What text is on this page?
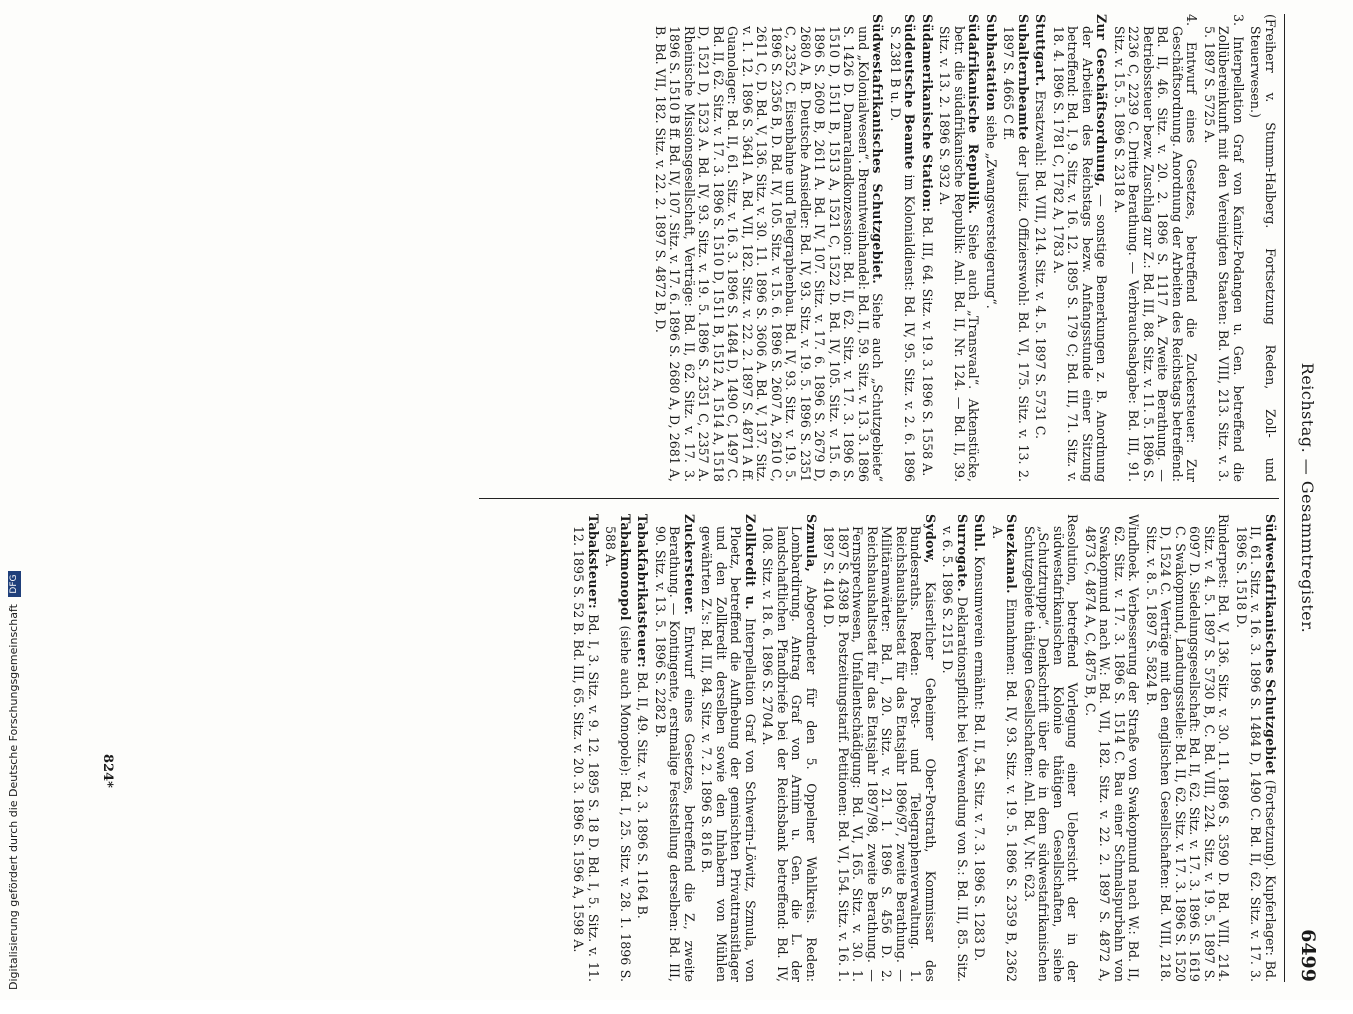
Reichstag. — Gesammtregister.
6499

(Freiherr v. Stumm-Halberg. Fortsetzung Reden, Zoll- und Steuerwesen.)

3. Interpellation Graf von Kanitz-Podangen u. Gen. betreffend die Zollübereinkunft mit den Vereinigten Staaten: Bd. VIII, 213. Sitz. v. 3. 5. 1897 S. 5725 A.

4. Entwurf eines Gesetzes, betreffend die Zuckersteuer: Zur Geschäftsordnung. Anordnung der Arbeiten des Reichstags betreffend: Bd. II, 46. Sitz. v. 20. 2. 1896 S. 1117 A. Zweite Berathung. — Betriebssteuer bezw. Zuschlag zur Z.: Bd. III, 88. Sitz. v. 11. 5. 1896 S. 2236 C, 2239 C. Dritte Berathung. — Verbrauchsabgabe: Bd. III, 91. Sitz. v. 15. 5. 1896 S. 2318 A.

Zur Geschäftsordnung, — sonstige Bemerkungen z. B. Anordnung der Arbeiten des Reichstags bezw. Anfangsstunde einer Sitzung betreffend: Bd. I, 9. Sitz. v. 16. 12. 1895 S. 179 C; Bd. III, 71. Sitz. v. 18. 4. 1896 S. 1781 C, 1782 A, 1783 A.

Stuttgart. Ersatzwahl: Bd. VIII, 214. Sitz. v. 4. 5. 1897 S. 5731 C.

Subalternbeamte der Justiz. Offizierswohl: Bd. VI, 175. Sitz. v. 13. 2. 1897 S. 4665 C ff.

Subhastation siehe „Zwangsversteigerung“.

Südafrikanische Republik. Siehe auch „Transvaal“. Aktenstücke, betr. die südafrikanische Republik: Anl. Bd. II, Nr. 124. — Bd. II, 39. Sitz. v. 13. 2. 1896 S. 932 A.

Südamerikanische Station: Bd. III, 64. Sitz. v. 19. 3. 1896 S. 1558 A.

Süddeutsche Beamte im Kolonialdienst: Bd. IV, 95. Sitz. v. 2. 6. 1896 S. 2381 B u. D.

Südwestafrikanisches Schutzgebiet. Siehe auch „Schutzgebiete“ und „Kolonialwesen“. Brenntweinhandel: Bd. II, 59. Sitz. v. 13. 3. 1896 S. 1426 D. Damaralandkonzession: Bd. II, 62. Sitz. v. 17. 3. 1896 S. 1510 D, 1511 B, 1513 A, 1521 C, 1522 D. Bd. IV, 105. Sitz. v. 15. 6. 1896 S. 2609 B, 2611 A. Bd. IV, 107. Sitz. v. 17. 6. 1896 S. 2679 D, 2680 A, B. Deutsche Ansiedler: Bd. IV, 93. Sitz. v. 19. 5. 1896 S. 2351 C, 2352 C. Eisenbahne und Telegraphenbau. Bd. IV, 93. Sitz. v. 19. 5. 1896 S. 2356 B, D. Bd. IV, 105. Sitz. v. 15. 6. 1896 S. 2607 A, 2610 C, 2611 C, D. Bd. V, 136. Sitz. v. 30. 11. 1896 S. 3606 A. Bd. V, 137. Sitz. v. 1. 12. 1896 S. 3641 A. Bd. VII, 182. Sitz. v. 22. 2. 1897 S. 4871 A ff. Guanolager: Bd. II, 61. Sitz. v. 16. 3. 1896 S. 1484 D, 1490 C, 1497 C. Bd. II, 62. Sitz. v. 17. 3. 1896 S. 1510 D, 1511 B, 1512 A, 1514 A, 1518 D, 1521 D, 1523 A. Bd. IV, 93. Sitz. v. 19. 5. 1896 S. 2351 C, 2357 A. Rheinische Missionsgesellschaft, Verträge: Bd. II, 62. Sitz. v. 17. 3. 1896 S. 1510 B ff. Bd. IV, 107. Sitz. v. 17. 6. 1896 S. 2680 A, D, 2681 A, B. Bd. VII, 182. Sitz. v. 22. 2. 1897 S. 4872 B, D.

Südwestafrikanisches Schutzgebiet (Fortsetzung). Kupferlager: Bd. II, 61. Sitz. v. 16. 3. 1896 S. 1484 D, 1490 C. Bd. II, 62. Sitz. v. 17. 3. 1896 S. 1518 D.

Rinderpest: Bd. V, 136. Sitz. v. 30. 11. 1896 S. 3590 D. Bd. VIII, 214. Sitz. v. 4. 5. 1897 S. 5730 B, C. Bd. VIII, 224. Sitz. v. 19. 5. 1897 S. 6097 D. Siedelungsgesellschaft: Bd. II, 62. Sitz. v. 17. 3. 1896 S. 1619 C. Swakopmund, Landungsstelle: Bd. II, 62. Sitz. v. 17. 3. 1896 S. 1520 D, 1524 C. Verträge mit den englischen Gesellschaften: Bd. VIII, 218. Sitz. v. 8. 5. 1897 S. 5824 B.

Windhoek. Verbesserung der Straße von Swakopmund nach W.: Bd. II, 62. Sitz. v. 17. 3. 1896 S. 1514 C. Bau einer Schmalspurbahn von Swakopmund nach W.: Bd. VII, 182. Sitz. v. 22. 2. 1897 S. 4872 A, 4873 C, 4874 A, C, 4875 B, C.

Resolution, betreffend Vorlegung einer Uebersicht der in der südwestafrikanischen Kolonie thätigen Gesellschaften, siehe „Schutztruppe“. Denkschrift über die in dem südwestafrikanischen Schutzgebiete thätigen Gesellschaften: Anl. Bd. V, Nr. 623.

Suezkanal. Einnahmen: Bd. IV, 93. Sitz. v. 19. 5. 1896 S. 2359 B, 2362 A.

Suhl. Konsumverein ermähnt: Bd. II, 54. Sitz. v. 7. 3. 1896 S. 1283 D.

Surrogate. Deklarationspflicht bei Verwendung von S.: Bd. III, 85. Sitz. v. 6. 5. 1896 S. 2151 D.

Sydow, Kaiserlicher Geheimer Ober-Postrath, Kommissar des Bundesraths. Reden: Post- und Telegraphenverwaltung. 1. Reichshaushaltsetat für das Etatsjahr 1896/97, zweite Berathung. — Militäranwärter: Bd. I, 20. Sitz. v. 21. 1. 1896 S. 456 D. 2. Reichshaushaltsetat für das Etatsjahr 1897/98, zweite Berathung. — Fernsprechwesen, Unfallentschädigung: Bd. VI, 165. Sitz. v. 30. 1. 1897 S. 4398 B. Postzeitungstarif. Petitionen: Bd. VI, 154. Sitz. v. 16. 1. 1897 S. 4104 D.

Szmula, Abgeordneter für den 5. Oppelner Wahlkreis. Reden: Lombardirung. Antrag Graf von Arnim u. Gen. die L. der landschaftlichen Pfandbriefe bei der Reichsbank betreffend: Bd. IV, 108. Sitz. v. 18. 6. 1896 S. 2704 A.

Zollkredit u. Interpellation Graf von Schwerin-Löwitz, Szmula, von Ploetz, betreffend die Aufhebung der gemischten Privattransitlager und den Zollkredit derselben sowie den Inhabern von Mühlen gewährten Z.'s: Bd. III, 84. Sitz. v. 7. 2. 1896 S. 816 B.

Zuckersteuer. Entwurf eines Gesetzes, betreffend die Z., zweite Berathung. — Kontingente, erstmalige Feststellung derselben: Bd. III, 90. Sitz. v. 13. 5. 1896 S. 2282 B.

Tabakfabrikatsteuer: Bd. II, 49. Sitz. v. 2. 3. 1896 S. 1164 B.

Tabakmonopol (siehe auch Monopole): Bd. I, 25. Sitz. v. 28. 1. 1896 S. 588 A.

Tabaksteuer: Bd. I, 3. Sitz. v. 9. 12. 1895 S. 18 D. Bd. I, 5. Sitz. v. 11. 12. 1895 S. 52 B. Bd. III, 65. Sitz. v. 20. 3. 1896 S. 1596 A, 1598 A.

824*
Digitalisierung gefördert durch die Deutsche Forschungsgemeinschaft DFG
